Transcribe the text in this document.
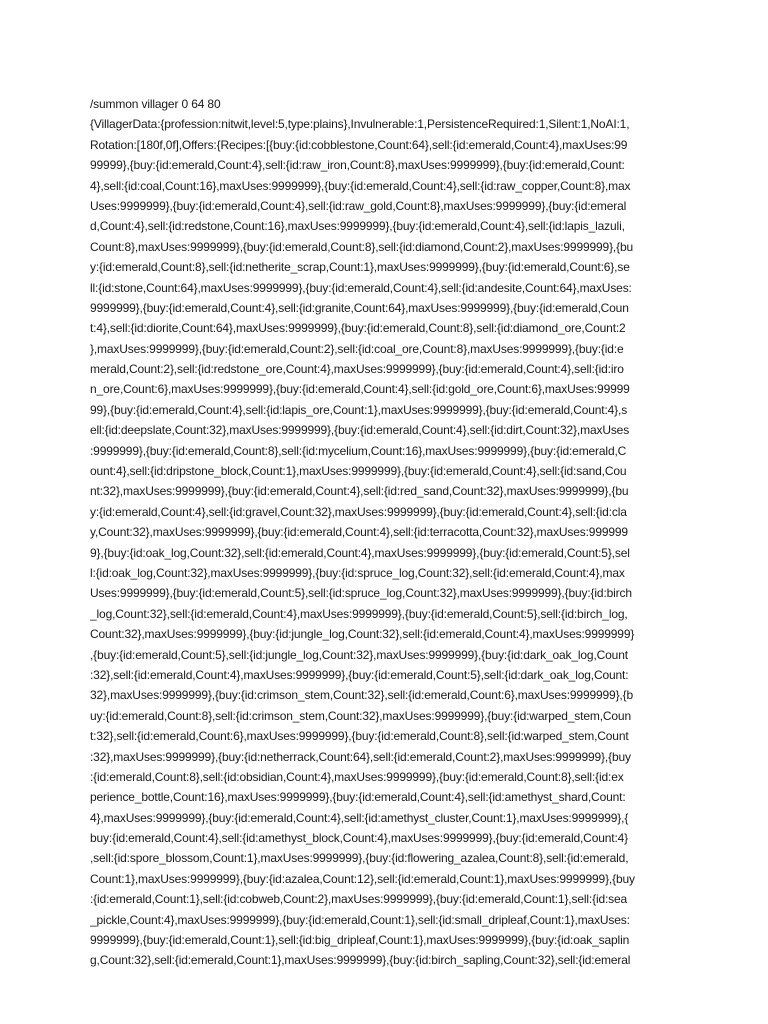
/summon villager 0 64 80
{VillagerData:{profession:nitwit,level:5,type:plains},Invulnerable:1,PersistenceRequired:1,Silent:1,NoAI:1,
Rotation:[180f,0f],Offers:{Recipes:[{buy:{id:cobblestone,Count:64},sell:{id:emerald,Count:4},maxUses:99
99999},{buy:{id:emerald,Count:4},sell:{id:raw_iron,Count:8},maxUses:9999999},{buy:{id:emerald,Count:
4},sell:{id:coal,Count:16},maxUses:9999999},{buy:{id:emerald,Count:4},sell:{id:raw_copper,Count:8},max
Uses:9999999},{buy:{id:emerald,Count:4},sell:{id:raw_gold,Count:8},maxUses:9999999},{buy:{id:emeral
d,Count:4},sell:{id:redstone,Count:16},maxUses:9999999},{buy:{id:emerald,Count:4},sell:{id:lapis_lazuli,
Count:8},maxUses:9999999},{buy:{id:emerald,Count:8},sell:{id:diamond,Count:2},maxUses:9999999},{bu
y:{id:emerald,Count:8},sell:{id:netherite_scrap,Count:1},maxUses:9999999},{buy:{id:emerald,Count:6},se
ll:{id:stone,Count:64},maxUses:9999999},{buy:{id:emerald,Count:4},sell:{id:andesite,Count:64},maxUses:
9999999},{buy:{id:emerald,Count:4},sell:{id:granite,Count:64},maxUses:9999999},{buy:{id:emerald,Coun
t:4},sell:{id:diorite,Count:64},maxUses:9999999},{buy:{id:emerald,Count:8},sell:{id:diamond_ore,Count:2
},maxUses:9999999},{buy:{id:emerald,Count:2},sell:{id:coal_ore,Count:8},maxUses:9999999},{buy:{id:e
merald,Count:2},sell:{id:redstone_ore,Count:4},maxUses:9999999},{buy:{id:emerald,Count:4},sell:{id:iro
n_ore,Count:6},maxUses:9999999},{buy:{id:emerald,Count:4},sell:{id:gold_ore,Count:6},maxUses:99999
99},{buy:{id:emerald,Count:4},sell:{id:lapis_ore,Count:1},maxUses:9999999},{buy:{id:emerald,Count:4},s
ell:{id:deepslate,Count:32},maxUses:9999999},{buy:{id:emerald,Count:4},sell:{id:dirt,Count:32},maxUses
:9999999},{buy:{id:emerald,Count:8},sell:{id:mycelium,Count:16},maxUses:9999999},{buy:{id:emerald,C
ount:4},sell:{id:dripstone_block,Count:1},maxUses:9999999},{buy:{id:emerald,Count:4},sell:{id:sand,Cou
nt:32},maxUses:9999999},{buy:{id:emerald,Count:4},sell:{id:red_sand,Count:32},maxUses:9999999},{bu
y:{id:emerald,Count:4},sell:{id:gravel,Count:32},maxUses:9999999},{buy:{id:emerald,Count:4},sell:{id:cla
y,Count:32},maxUses:9999999},{buy:{id:emerald,Count:4},sell:{id:terracotta,Count:32},maxUses:999999
9},{buy:{id:oak_log,Count:32},sell:{id:emerald,Count:4},maxUses:9999999},{buy:{id:emerald,Count:5},sel
l:{id:oak_log,Count:32},maxUses:9999999},{buy:{id:spruce_log,Count:32},sell:{id:emerald,Count:4},max
Uses:9999999},{buy:{id:emerald,Count:5},sell:{id:spruce_log,Count:32},maxUses:9999999},{buy:{id:birch
_log,Count:32},sell:{id:emerald,Count:4},maxUses:9999999},{buy:{id:emerald,Count:5},sell:{id:birch_log,
Count:32},maxUses:9999999},{buy:{id:jungle_log,Count:32},sell:{id:emerald,Count:4},maxUses:9999999}
,{buy:{id:emerald,Count:5},sell:{id:jungle_log,Count:32},maxUses:9999999},{buy:{id:dark_oak_log,Count
:32},sell:{id:emerald,Count:4},maxUses:9999999},{buy:{id:emerald,Count:5},sell:{id:dark_oak_log,Count:
32},maxUses:9999999},{buy:{id:crimson_stem,Count:32},sell:{id:emerald,Count:6},maxUses:9999999},{b
uy:{id:emerald,Count:8},sell:{id:crimson_stem,Count:32},maxUses:9999999},{buy:{id:warped_stem,Coun
t:32},sell:{id:emerald,Count:6},maxUses:9999999},{buy:{id:emerald,Count:8},sell:{id:warped_stem,Count
:32},maxUses:9999999},{buy:{id:netherrack,Count:64},sell:{id:emerald,Count:2},maxUses:9999999},{buy
:{id:emerald,Count:8},sell:{id:obsidian,Count:4},maxUses:9999999},{buy:{id:emerald,Count:8},sell:{id:ex
perience_bottle,Count:16},maxUses:9999999},{buy:{id:emerald,Count:4},sell:{id:amethyst_shard,Count:
4},maxUses:9999999},{buy:{id:emerald,Count:4},sell:{id:amethyst_cluster,Count:1},maxUses:9999999},{
buy:{id:emerald,Count:4},sell:{id:amethyst_block,Count:4},maxUses:9999999},{buy:{id:emerald,Count:4}
,sell:{id:spore_blossom,Count:1},maxUses:9999999},{buy:{id:flowering_azalea,Count:8},sell:{id:emerald,
Count:1},maxUses:9999999},{buy:{id:azalea,Count:12},sell:{id:emerald,Count:1},maxUses:9999999},{buy
:{id:emerald,Count:1},sell:{id:cobweb,Count:2},maxUses:9999999},{buy:{id:emerald,Count:1},sell:{id:sea
_pickle,Count:4},maxUses:9999999},{buy:{id:emerald,Count:1},sell:{id:small_dripleaf,Count:1},maxUses:
9999999},{buy:{id:emerald,Count:1},sell:{id:big_dripleaf,Count:1},maxUses:9999999},{buy:{id:oak_saplin
g,Count:32},sell:{id:emerald,Count:1},maxUses:9999999},{buy:{id:birch_sapling,Count:32},sell:{id:emeral
